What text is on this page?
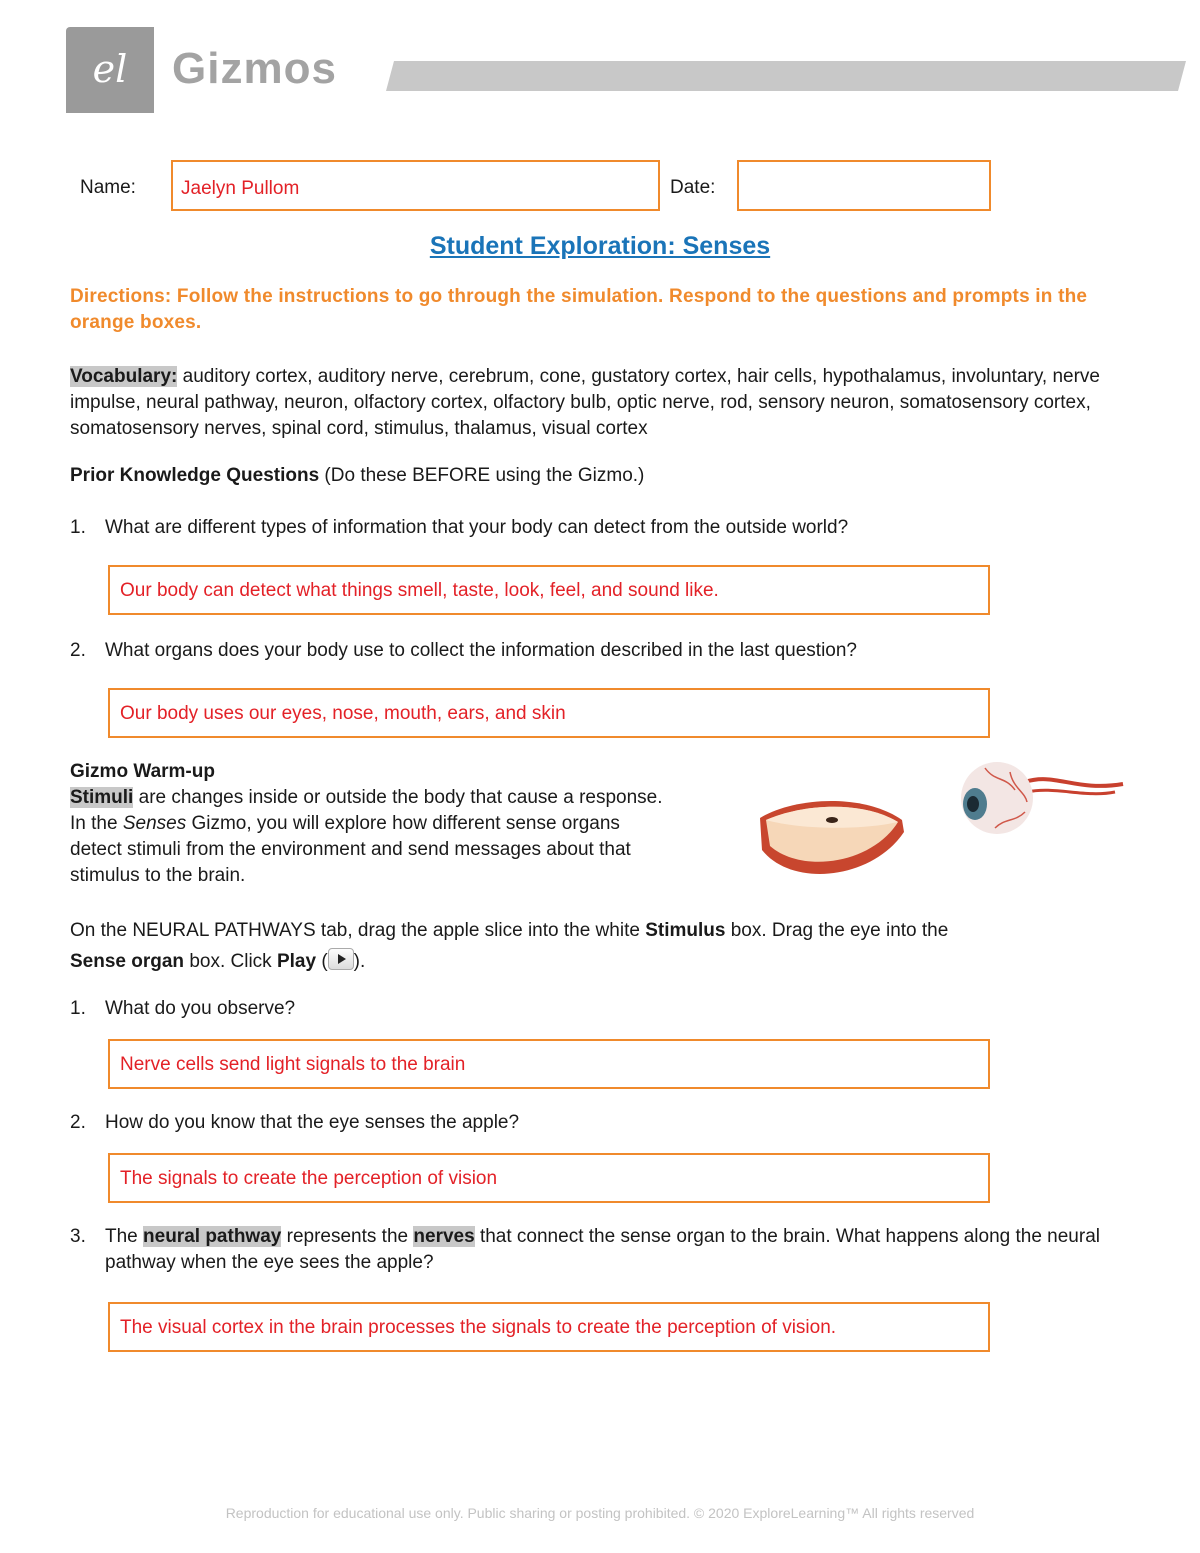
el	Gizmos
Name: Jaelyn Pullom	Date:
Student Exploration: Senses
Directions: Follow the instructions to go through the simulation. Respond to the questions and prompts in the orange boxes.
Vocabulary: auditory cortex, auditory nerve, cerebrum, cone, gustatory cortex, hair cells, hypothalamus, involuntary, nerve impulse, neural pathway, neuron, olfactory cortex, olfactory bulb, optic nerve, rod, sensory neuron, somatosensory cortex, somatosensory nerves, spinal cord, stimulus, thalamus, visual cortex
Prior Knowledge Questions (Do these BEFORE using the Gizmo.)
1.	What are different types of information that your body can detect from the outside world?
Our body can detect what things smell, taste, look, feel, and sound like.
2.	What organs does your body use to collect the information described in the last question?
Our body uses our eyes, nose, mouth, ears, and skin
Gizmo Warm-up
Stimuli are changes inside or outside the body that cause a response. In the Senses Gizmo, you will explore how different sense organs detect stimuli from the environment and send messages about that stimulus to the brain.
On the NEURAL PATHWAYS tab, drag the apple slice into the white Stimulus box. Drag the eye into the
Sense organ box. Click Play ( ).
1.	What do you observe?
Nerve cells send light signals to the brain
2.	How do you know that the eye senses the apple?
The signals to create the perception of vision
3.	The neural pathway represents the nerves that connect the sense organ to the brain. What happens along the neural pathway when the eye sees the apple?
The visual cortex in the brain processes the signals to create the perception of vision.
Reproduction for educational use only. Public sharing or posting prohibited. © 2020 ExploreLearning™ All rights reserved
